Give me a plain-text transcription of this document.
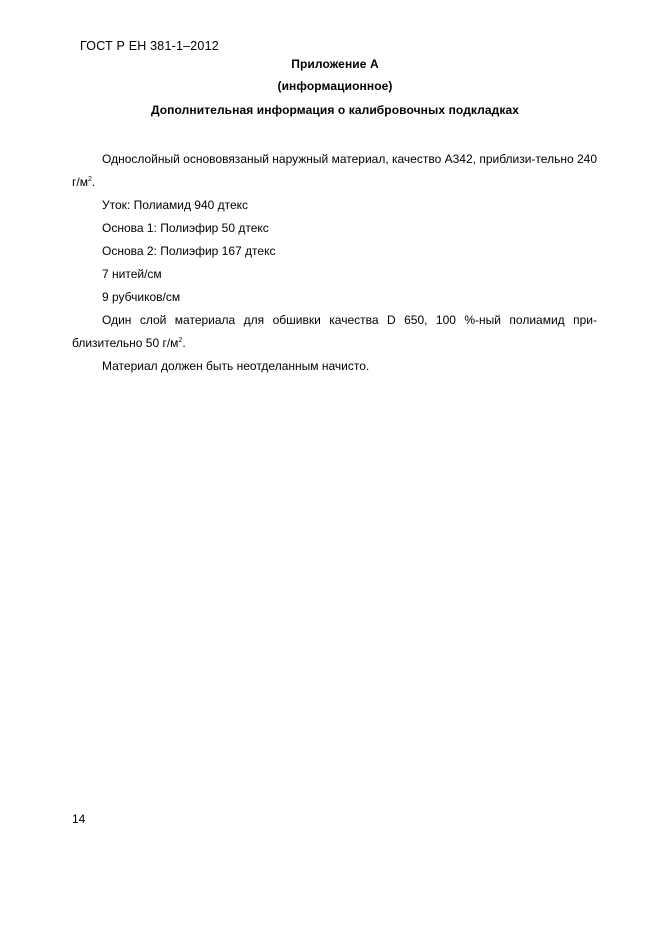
ГОСТ Р ЕН 381-1–2012
Приложение А
(информационное)
Дополнительная информация о калибровочных подкладках

Однослойный основовязаный наружный материал, качество А342, приблизи-тельно 240 $г/м^2$.

Уток: Полиамид 940 дтекс

Основа 1: Полиэфир 50 дтекс

Основа 2: Полиэфир 167 дтекс

7 нитей/см

9 рубчиков/см

Один слой материала для обшивки качества D 650, 100 %-ный полиамид при-близительно 50 $г/м^2$.

Материал должен быть неотделанным начисто.

14
